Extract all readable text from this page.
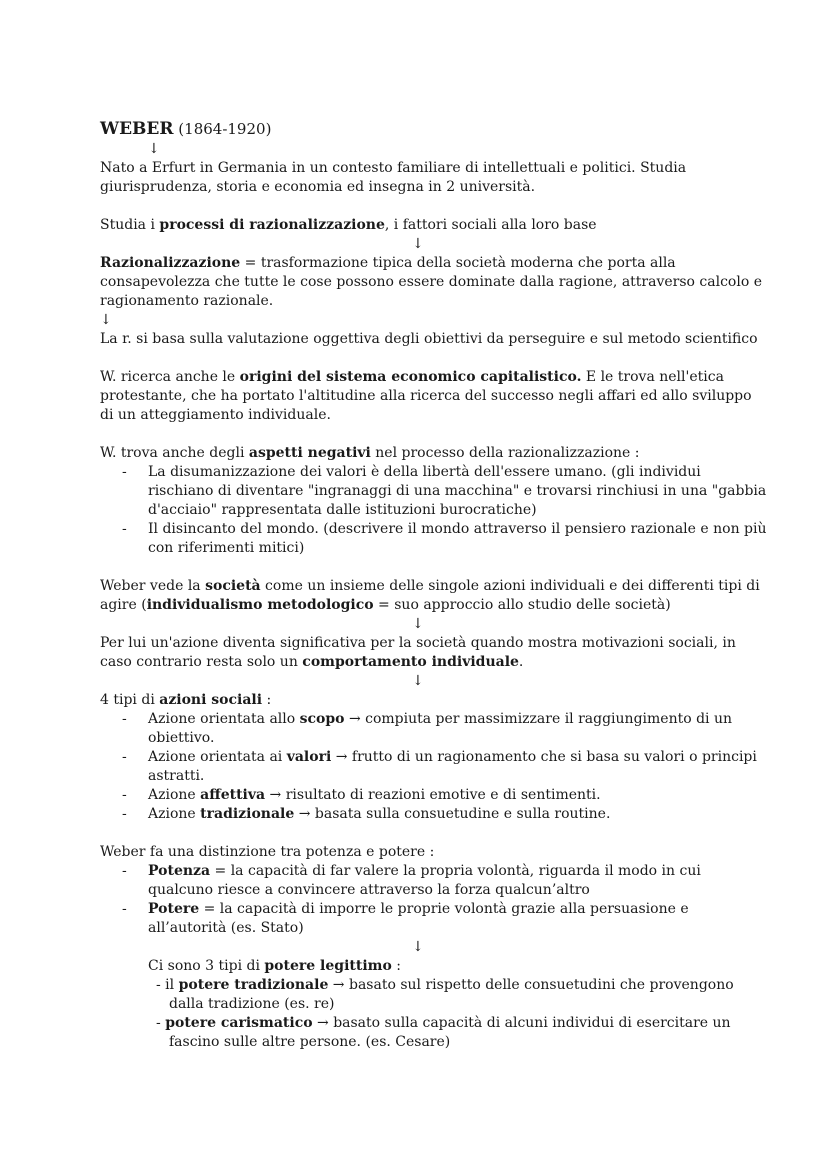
WEBER (1864-1920)

↓

Nato a Erfurt in Germania in un contesto familiare di intellettuali e politici. Studia giurisprudenza, storia e economia ed insegna in 2 università.

Studia i processi di razionalizzazione, i fattori sociali alla loro base

↓

Razionalizzazione = trasformazione tipica della società moderna che porta alla consapevolezza che tutte le cose possono essere dominate dalla ragione, attraverso calcolo e ragionamento razionale.

↓

La r. si basa sulla valutazione oggettiva degli obiettivi da perseguire e sul metodo scientifico

W. ricerca anche le origini del sistema economico capitalistico. E le trova nell'etica protestante, che ha portato l'altitudine alla ricerca del successo negli affari ed allo sviluppo di un atteggiamento individuale.

W. trova anche degli aspetti negativi nel processo della razionalizzazione :

- La disumanizzazione dei valori è della libertà dell'essere umano. (gli individui rischiano di diventare "ingranaggi di una macchina" e trovarsi rinchiusi in una "gabbia d'acciaio" rappresentata dalle istituzioni burocratiche)
- Il disincanto del mondo. (descrivere il mondo attraverso il pensiero razionale e non più con riferimenti mitici)

Weber vede la società come un insieme delle singole azioni individuali e dei differenti tipi di agire (individualismo metodologico = suo approccio allo studio delle società)

↓

Per lui un'azione diventa significativa per la società quando mostra motivazioni sociali, in caso contrario resta solo un comportamento individuale.

↓

4 tipi di azioni sociali :

- Azione orientata allo scopo → compiuta per massimizzare il raggiungimento di un obiettivo.
- Azione orientata ai valori → frutto di un ragionamento che si basa su valori o principi astratti.
- Azione affettiva → risultato di reazioni emotive e di sentimenti.
- Azione tradizionale → basata sulla consuetudine e sulla routine.

Weber fa una distinzione tra potenza e potere :

- Potenza = la capacità di far valere la propria volontà, riguarda il modo in cui qualcuno riesce a convincere attraverso la forza qualcun’altro
- Potere = la capacità di imporre le proprie volontà grazie alla persuasione e all’autorità (es. Stato)
↓

Ci sono 3 tipi di potere legittimo :

- il potere tradizionale → basato sul rispetto delle consuetudini che provengono dalla tradizione (es. re)

- potere carismatico → basato sulla capacità di alcuni individui di esercitare un fascino sulle altre persone. (es. Cesare)
